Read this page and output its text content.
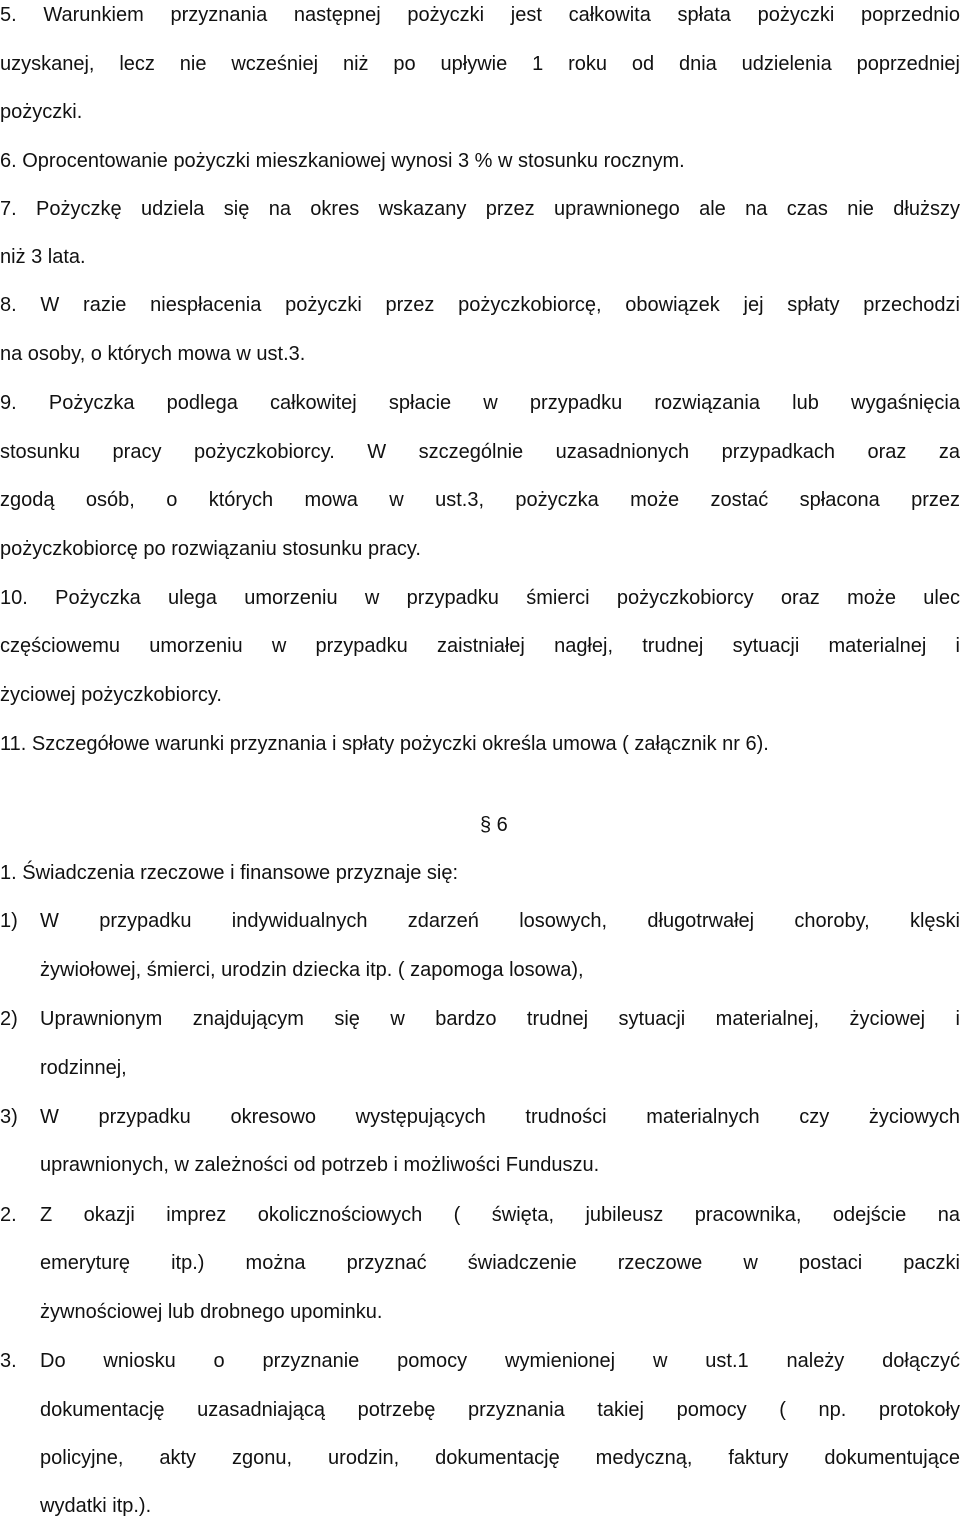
5. Warunkiem przyznania następnej pożyczki jest całkowita spłata pożyczki poprzednio
uzyskanej, lecz nie wcześniej niż po upływie 1 roku od dnia udzielenia poprzedniej
pożyczki.
6. Oprocentowanie pożyczki mieszkaniowej wynosi 3 % w stosunku rocznym.
7. Pożyczkę udziela się na okres wskazany przez uprawnionego ale na czas nie dłuższy
niż 3 lata.
8. W razie niespłacenia pożyczki przez pożyczkobiorcę, obowiązek jej spłaty przechodzi
na osoby, o których mowa w ust.3.
9. Pożyczka podlega całkowitej spłacie w przypadku rozwiązania lub wygaśnięcia
stosunku pracy pożyczkobiorcy. W szczególnie uzasadnionych przypadkach oraz za
zgodą osób, o których mowa w ust.3, pożyczka może zostać spłacona przez
pożyczkobiorcę po rozwiązaniu stosunku pracy.
10. Pożyczka ulega umorzeniu w przypadku śmierci pożyczkobiorcy oraz może ulec
częściowemu umorzeniu w przypadku zaistniałej nagłej, trudnej sytuacji materialnej i
życiowej pożyczkobiorcy.
11. Szczegółowe warunki przyznania i spłaty pożyczki określa umowa ( załącznik nr 6).
§ 6
1. Świadczenia rzeczowe i finansowe przyznaje się:
1) W przypadku indywidualnych zdarzeń losowych, długotrwałej choroby, klęski
żywiołowej, śmierci, urodzin dziecka itp. ( zapomoga losowa),
2) Uprawnionym znajdującym się w bardzo trudnej sytuacji materialnej, życiowej i
rodzinnej,
3) W przypadku okresowo występujących trudności materialnych czy życiowych
uprawnionych, w zależności od potrzeb i możliwości Funduszu.
2. Z okazji imprez okolicznościowych ( święta, jubileusz pracownika, odejście na
emeryturę itp.) można przyznać świadczenie rzeczowe w postaci paczki
żywnościowej lub drobnego upominku.
3. Do wniosku o przyznanie pomocy wymienionej w ust.1 należy dołączyć
dokumentację uzasadniającą potrzebę przyznania takiej pomocy ( np. protokoły
policyjne, akty zgonu, urodzin, dokumentację medyczną, faktury dokumentujące
wydatki itp.).
